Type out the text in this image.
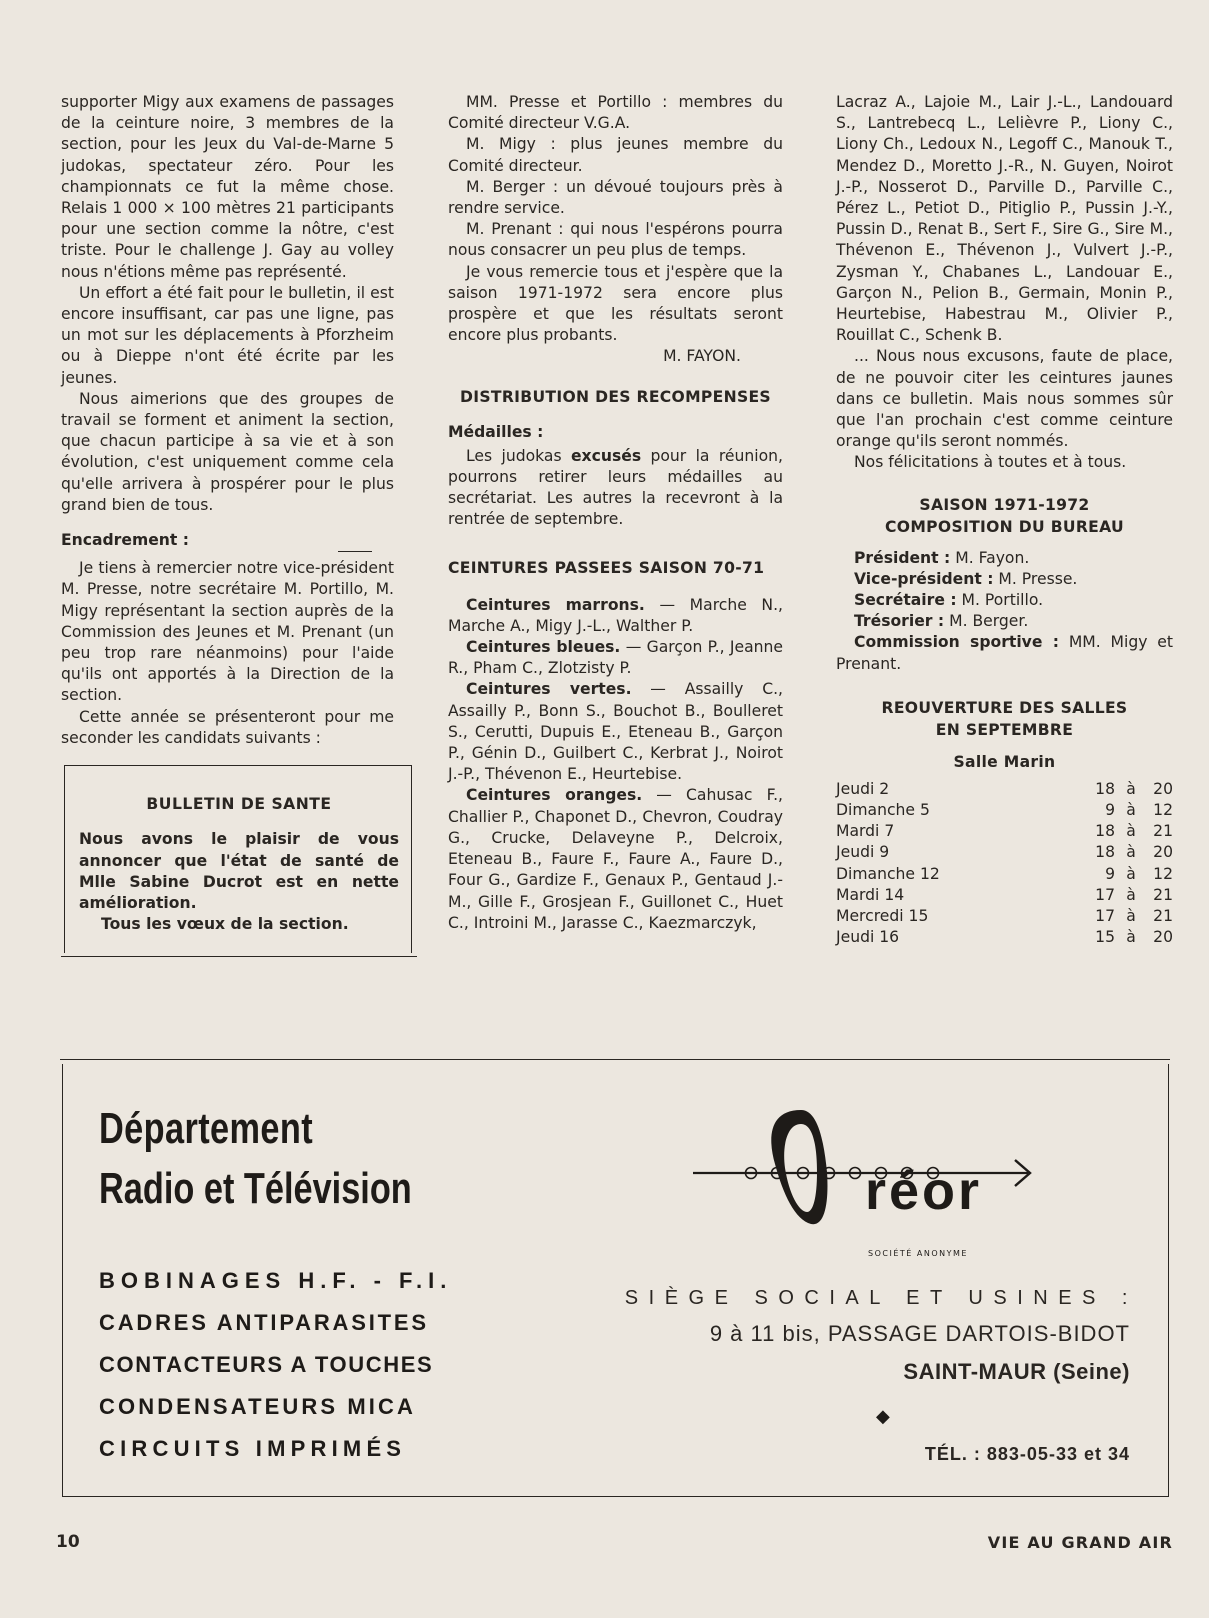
supporter Migy aux examens de passages de la ceinture noire, 3 membres de la section, pour les Jeux du Val-de-Marne 5 judokas, spectateur zéro. Pour les championnats ce fut la même chose. Relais 1 000 × 100 mètres 21 participants pour une section comme la nôtre, c'est triste. Pour le challenge J. Gay au volley nous n'étions même pas représenté.

Un effort a été fait pour le bulletin, il est encore insuffisant, car pas une ligne, pas un mot sur les déplacements à Pforzheim ou à Dieppe n'ont été écrite par les jeunes.

Nous aimerions que des groupes de travail se forment et animent la section, que chacun participe à sa vie et à son évolution, c'est uniquement comme cela qu'elle arrivera à prospérer pour le plus grand bien de tous.

Encadrement :

Je tiens à remercier notre vice-président M. Presse, notre secrétaire M. Portillo, M. Migy représentant la section auprès de la Commission des Jeunes et M. Prenant (un peu trop rare néanmoins) pour l'aide qu'ils ont apportés à la Direction de la section.

Cette année se présenteront pour me seconder les candidats suivants :

BULLETIN DE SANTE
Nous avons le plaisir de vous annoncer que l'état de santé de Mlle Sabine Ducrot est en nette amélioration.
Tous les vœux de la section.

MM. Presse et Portillo : membres du Comité directeur V.G.A.

M. Migy : plus jeunes membre du Comité directeur.

M. Berger : un dévoué toujours près à rendre service.

M. Prenant : qui nous l'espérons pourra nous consacrer un peu plus de temps.

Je vous remercie tous et j'espère que la saison 1971-1972 sera encore plus prospère et que les résultats seront encore plus probants.

M. FAYON.

DISTRIBUTION DES RECOMPENSES
Médailles :

Les judokas excusés pour la réunion, pourrons retirer leurs médailles au secrétariat. Les autres la recevront à la rentrée de septembre.

CEINTURES PASSEES SAISON 70-71

Ceintures marrons. — Marche N., Marche A., Migy J.-L., Walther P.

Ceintures bleues. — Garçon P., Jeanne R., Pham C., Zlotzisty P.

Ceintures vertes. — Assailly C., Assailly P., Bonn S., Bouchot B., Boulleret S., Cerutti, Dupuis E., Eteneau B., Garçon P., Génin D., Guilbert C., Kerbrat J., Noirot J.-P., Thévenon E., Heurtebise.

Ceintures oranges. — Cahusac F., Challier P., Chaponet D., Chevron, Coudray G., Crucke, Delaveyne P., Delcroix, Eteneau B., Faure F., Faure A., Faure D., Four G., Gardize F., Genaux P., Gentaud J.-M., Gille F., Grosjean F., Guillonet C., Huet C., Introini M., Jarasse C., Kaezmarczyk,

Lacraz A., Lajoie M., Lair J.-L., Landouard S., Lantrebecq L., Lelièvre P., Liony C., Liony Ch., Ledoux N., Legoff C., Manouk T., Mendez D., Moretto J.-R., N. Guyen, Noirot J.-P., Nosserot D., Parville D., Parville C., Pérez L., Petiot D., Pitiglio P., Pussin J.-Y., Pussin D., Renat B., Sert F., Sire G., Sire M., Thévenon E., Thévenon J., Vulvert J.-P., Zysman Y., Chabanes L., Landouar E., Garçon N., Pelion B., Germain, Monin P., Heurtebise, Habestrau M., Olivier P., Rouillat C., Schenk B.

... Nous nous excusons, faute de place, de ne pouvoir citer les ceintures jaunes dans ce bulletin. Mais nous sommes sûr que l'an prochain c'est comme ceinture orange qu'ils seront nommés.

Nos félicitations à toutes et à tous.

SAISON 1971-1972
COMPOSITION DU BUREAU

Président : M. Fayon.

Vice-président : M. Presse.

Secrétaire : M. Portillo.

Trésorier : M. Berger.

Commission sportive : MM. Migy et Prenant.

REOUVERTURE DES SALLES
EN SEPTEMBRE
Salle Marin
Jeudi 2	18	à	20
Dimanche 5	9	à	12
Mardi 7	18	à	21
Jeudi 9	18	à	20
Dimanche 12	9	à	12
Mardi 14	17	à	21
Mercredi 15	17	à	21
Jeudi 16	15	à	20
Département
Radio et Télévision
BOBINAGES H.F. - F.I.
CADRES ANTIPARASITES
CONTACTEURS A TOUCHES
CONDENSATEURS MICA
CIRCUITS IMPRIMÉS
réor
SOCIÉTÉ ANONYME
SIÈGE SOCIAL ET USINES :
9 à 11 bis, PASSAGE DARTOIS-BIDOT
SAINT-MAUR (Seine)
◆
TÉL. : 883-05-33 et 34
10	VIE AU GRAND AIR
